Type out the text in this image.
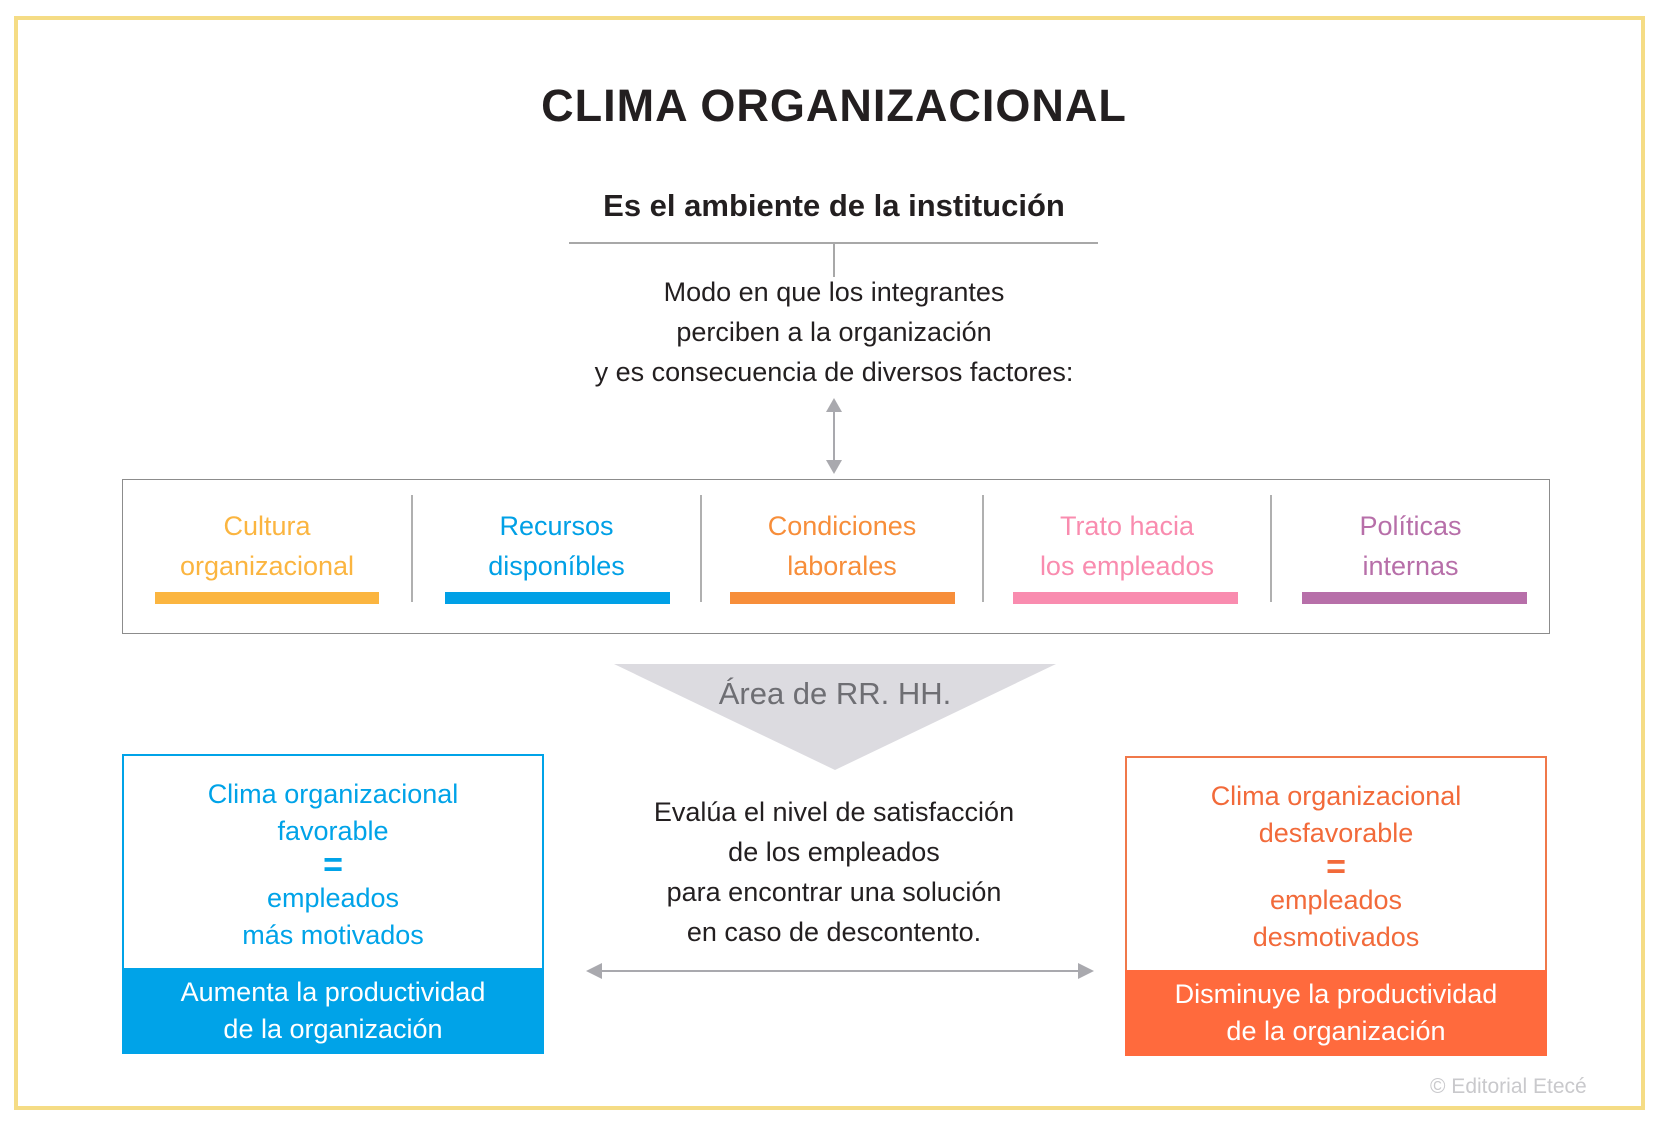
CLIMA ORGANIZACIONAL
Es el ambiente de la institución
Modo en que los integrantes
perciben a la organización
y es consecuencia de diversos factores:
Cultura
organizacional
Recursos
disponíbles
Condiciones
laborales
Trato hacia
los empleados
Políticas
internas
Área de RR. HH.
Evalúa el nivel de satisfacción
de los empleados
para encontrar una solución
en caso de descontento.
Clima organizacional
favorable
=
empleados
más motivados
Aumenta la productividad
de la organización
Clima organizacional
desfavorable
=
empleados
desmotivados
Disminuye la productividad
de la organización
© Editorial Etecé
